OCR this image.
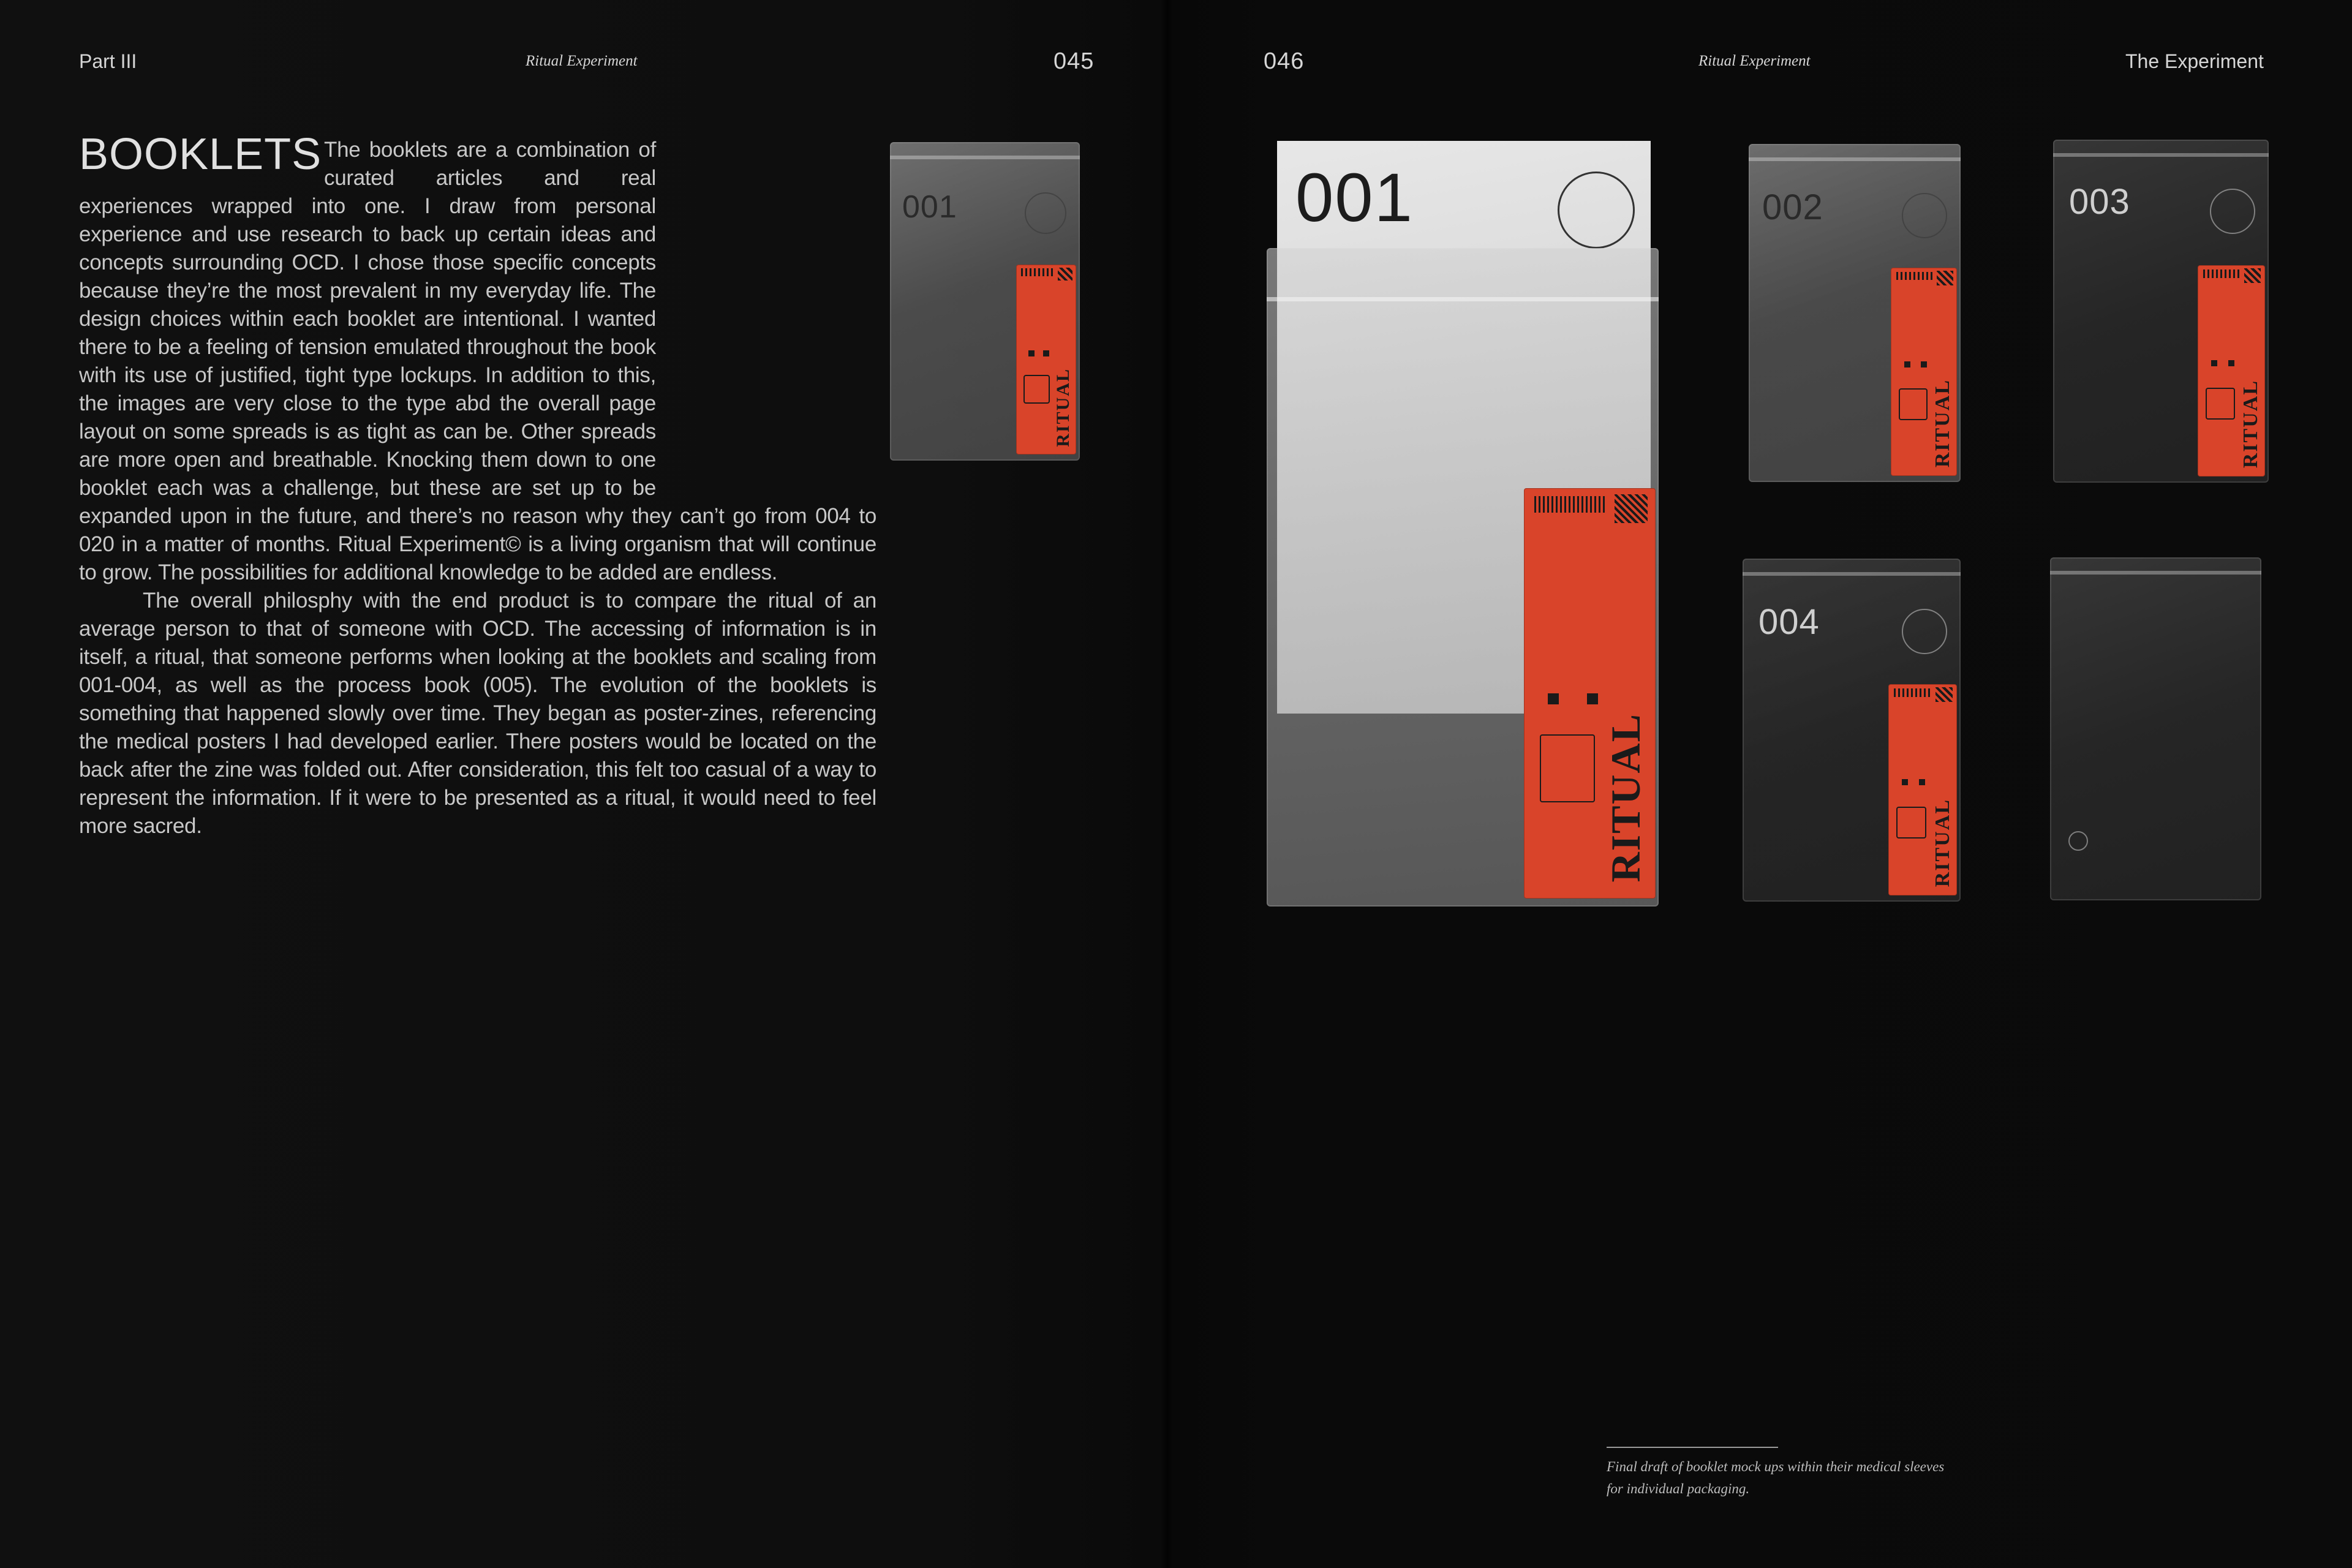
Part III	Ritual Experiment	045	046	Ritual Experiment	The Experiment
BOOKLETS The booklets are a combination of curated articles and real experiences wrapped into one. I draw from personal experience and use research to back up certain ideas and concepts surrounding OCD. I chose those specific concepts because they’re the most prevalent in my everyday life. The design choices within each booklet are intentional. I wanted there to be a feeling of tension emulated throughout the book with its use of justified, tight type lockups. In addition to this, the images are very close to the type abd the overall page layout on some spreads is as tight as can be. Other spreads are more open and breathable. Knocking them down to one booklet each was a challenge, but these are set up to be expanded upon in the future, and there’s no reason why they can’t go from 004 to 020 in a matter of months. Ritual Experiment© is a living organism that will continue to grow. The possibilities for additional knowledge to be added are endless.

The overall philosphy with the end product is to compare the ritual of an average person to that of someone with OCD. The accessing of information is in itself, a ritual, that someone performs when looking at the booklets and scaling from 001-004, as well as the process book (005). The evolution of the booklets is something that happened slowly over time. They began as poster-zines, referencing the medical posters I had developed earlier. There posters would be located on the back after the zine was folded out. After consideration, this felt too casual of a way to represent the information. If it were to be presented as a ritual, it would need to feel more sacred.

001
RITUAL
001
RITUAL
002
RITUAL
003
RITUAL
004
RITUAL
Final draft of booklet mock ups within their medical sleeves for individual packaging.
